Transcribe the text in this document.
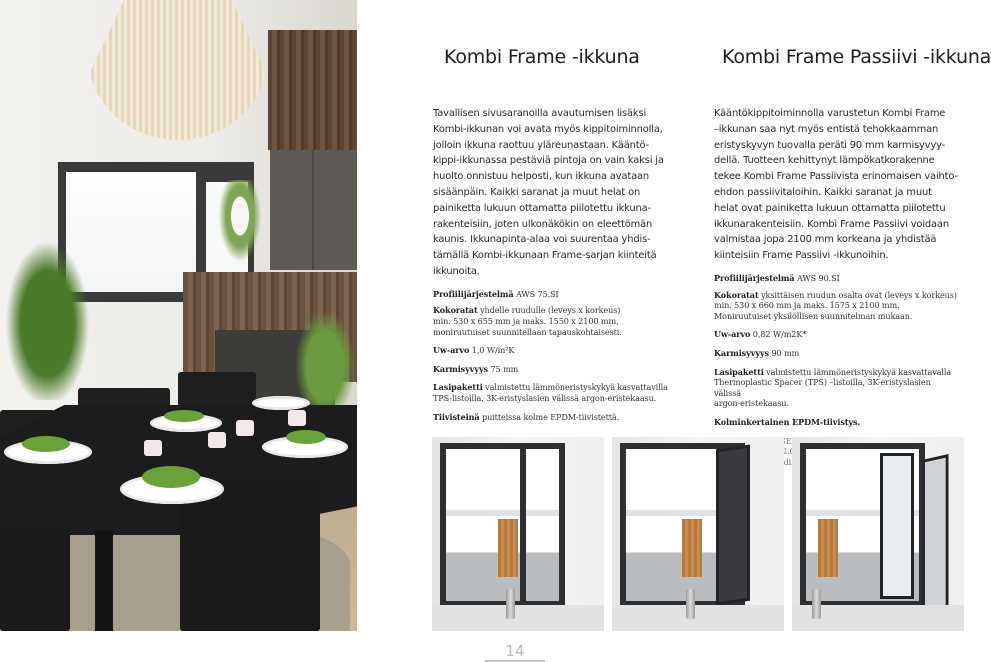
Kombi Frame -ikkuna	Kombi Frame Passiivi -ikkuna

Tavallisen sivusaranoilla avautumisen lisäksi
Kombi-ikkunan voi avata myös kippitoiminnolla,
jolloin ikkuna raottuu yläreunastaan. Kääntö-
kippi-ikkunassa pestäviä pintoja on vain kaksi ja
huolto onnistuu helposti, kun ikkuna avataan
sisäänpäin. Kaikki saranat ja muut helat on
painiketta lukuun ottamatta piilotettu ikkuna-
rakenteisiin, joten ulkonäkökin on eleettömän
kaunis. Ikkunapinta-alaa voi suurentaa yhdis-
tämällä Kombi-ikkunaan Frame-sarjan kiinteitä
ikkunoita.

Profiilijärjestelmä AWS 75.SI

Kokoratat yhdelle ruudulle (leveys x korkeus)
min. 530 x 655 mm ja maks. 1550 x 2100 mm,
moniruutuiset suunnitellaan tapauskohtaisesti.

Uw-arvo 1,0 W/m²K

Karmisyvyys 75 mm

Lasipaketti valmistettu lämmöneristyskykyä kasvattavilla
TPS-listoilla, 3K-eristyslasien välissä argon-eristekaasu.

Tiivisteinä puitteissa kolme EPDM-tiivistettä.

Kääntökippitoiminnolla varustetun Kombi Frame
–ikkunan saa nyt myös entistä tehokkaamman
eristyskyvyn tuovalla peräti 90 mm karmisyvyy-
dellä. Tuotteen kehittynyt lämpökatkorakenne
tekee Kombi Frame Passiivista erinomaisen vaihto-
ehdon passiivitaloihin. Kaikki saranat ja muut
helat ovat painiketta lukuun ottamatta piilotettu
ikkunarakenteisiin. Kombi Frame Passiivi voidaan
valmistaa jopa 2100 mm korkeana ja yhdistää
kiinteisiin Frame Passiivi -ikkunoihin.

Profiilijärjestelmä AWS 90.SI

Kokoratat yksittäisen ruudun osalta ovat (leveys x korkeus)
min. 530 x 660 mm ja maks. 1575 x 2100 mm.
Moniruutuiset yksilöllisen suunnitelman mukaan.

Uw-arvo 0,82 W/m2K*

Karmisyvyys 90 mm

Lasipaketti valmistettu lämmöneristyskykyä kasvattavalla
Thermoplastic Spacer (TPS) –listoilla, 3K-eristyslasien välissä
argon-eristekaasu.

Kolminkertainen EPDM-tiivistys.

14
